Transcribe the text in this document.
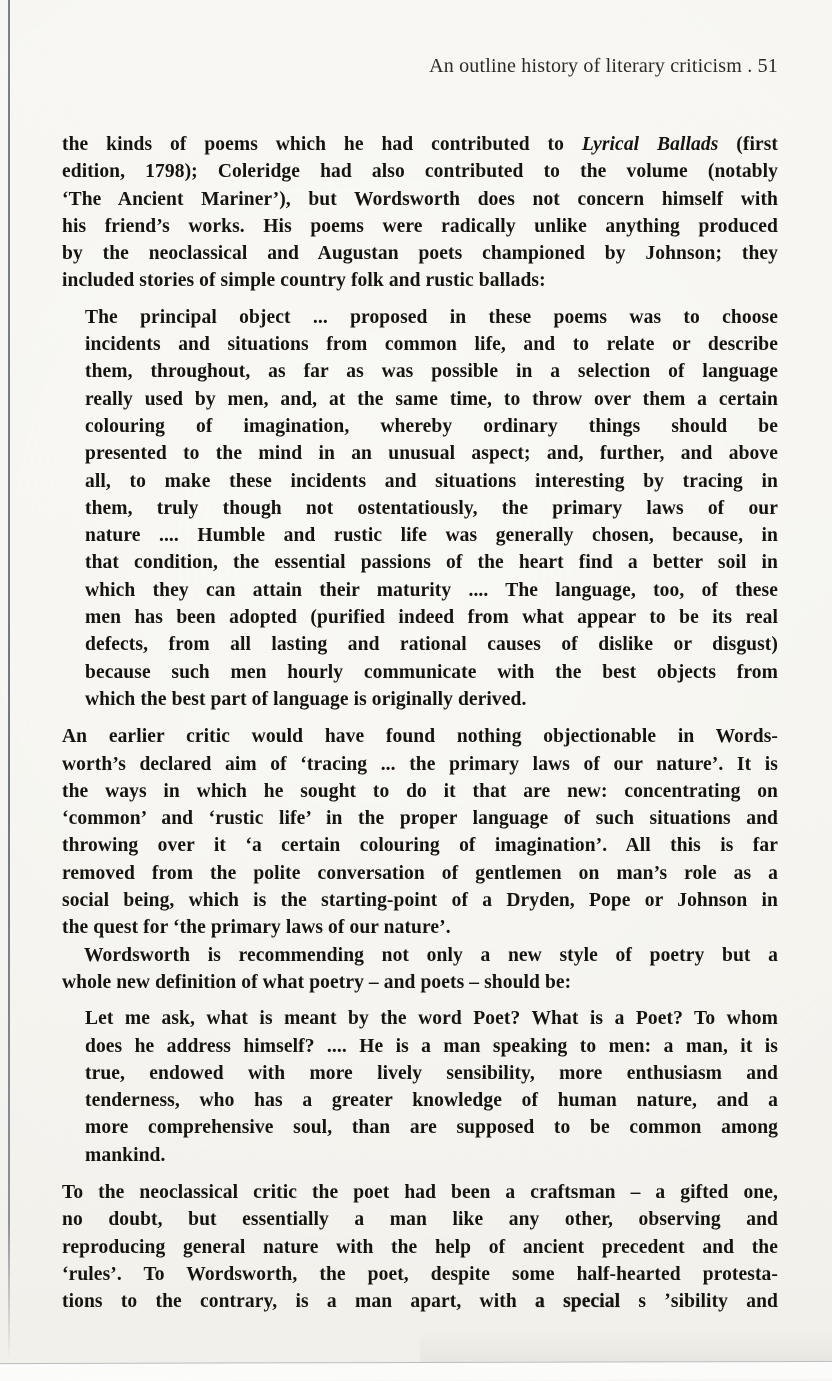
An outline history of literary criticism . 51
the kinds of poems which he had contributed to Lyrical Ballads (first
edition, 1798); Coleridge had also contributed to the volume (notably
‘The Ancient Mariner’), but Wordsworth does not concern himself with
his friend’s works. His poems were radically unlike anything produced
by the neoclassical and Augustan poets championed by Johnson; they
included stories of simple country folk and rustic ballads:
The principal object ... proposed in these poems was to choose
incidents and situations from common life, and to relate or describe
them, throughout, as far as was possible in a selection of language
really used by men, and, at the same time, to throw over them a certain
colouring of imagination, whereby ordinary things should be
presented to the mind in an unusual aspect; and, further, and above
all, to make these incidents and situations interesting by tracing in
them, truly though not ostentatiously, the primary laws of our
nature .... Humble and rustic life was generally chosen, because, in
that condition, the essential passions of the heart find a better soil in
which they can attain their maturity .... The language, too, of these
men has been adopted (purified indeed from what appear to be its real
defects, from all lasting and rational causes of dislike or disgust)
because such men hourly communicate with the best objects from
which the best part of language is originally derived.
An earlier critic would have found nothing objectionable in Words-
worth’s declared aim of ‘tracing ... the primary laws of our nature’. It is
the ways in which he sought to do it that are new: concentrating on
‘common’ and ‘rustic life’ in the proper language of such situations and
throwing over it ‘a certain colouring of imagination’. All this is far
removed from the polite conversation of gentlemen on man’s role as a
social being, which is the starting-point of a Dryden, Pope or Johnson in
the quest for ‘the primary laws of our nature’.
Wordsworth is recommending not only a new style of poetry but a
whole new definition of what poetry – and poets – should be:
Let me ask, what is meant by the word Poet? What is a Poet? To whom
does he address himself? .... He is a man speaking to men: a man, it is
true, endowed with more lively sensibility, more enthusiasm and
tenderness, who has a greater knowledge of human nature, and a
more comprehensive soul, than are supposed to be common among
mankind.
To the neoclassical critic the poet had been a craftsman – a gifted one,
no doubt, but essentially a man like any other, observing and
reproducing general nature with the help of ancient precedent and the
‘rules’. To Wordsworth, the poet, despite some half-hearted protesta-
tions to the contrary, is a man apart, with a special s ʼsibility and
